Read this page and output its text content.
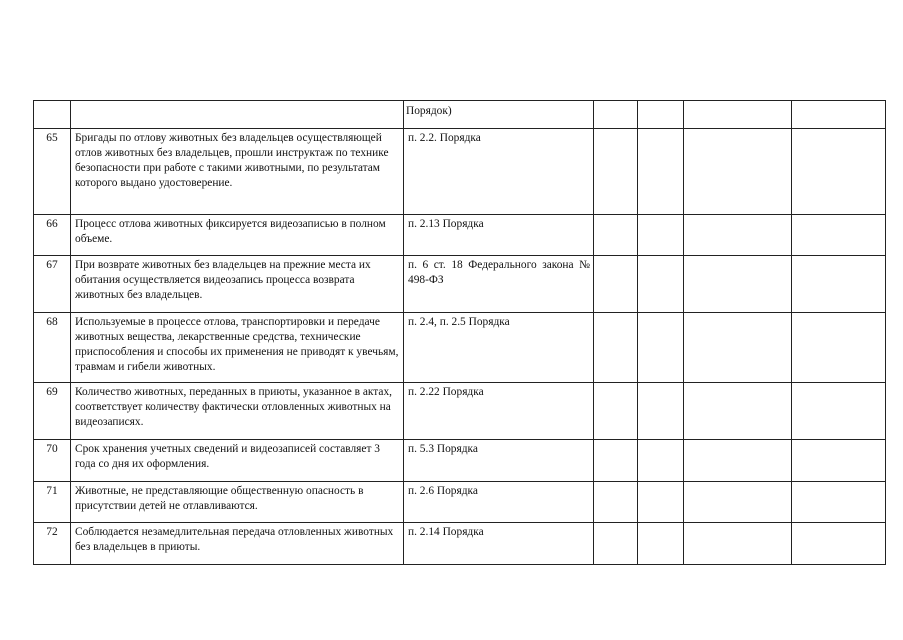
		Порядок)				

65	Бригады по отлову животных без владельцев осуществляющей отлов животных без владельцев, прошли инструктаж по технике безопасности при работе с такими животными, по результатам которого выдано удостоверение.	п. 2.2. Порядка				

66	Процесс отлова животных фиксируется видеозаписью в полном объеме.	п. 2.13 Порядка				

67	При возврате животных без владельцев на прежние места их обитания осуществляется видеозапись процесса возврата животных без владельцев.	п. 6 ст. 18 Федерального закона № 498-ФЗ				

68	Используемые в процессе отлова, транспортировки и передаче животных вещества, лекарственные средства, технические приспособления и способы их применения не приводят к увечьям, травмам и гибели животных.	п. 2.4, п. 2.5 Порядка				

69	Количество животных, переданных в приюты, указанное в актах, соответствует количеству фактически отловленных животных на видеозаписях.	п. 2.22 Порядка				

70	Срок хранения учетных сведений и видеозаписей составляет 3 года со дня их оформления.	п. 5.3 Порядка				

71	Животные, не представляющие общественную опасность в присутствии детей не отлавливаются.	п. 2.6 Порядка				

72	Соблюдается незамедлительная передача отловленных животных без владельцев в приюты.	п. 2.14 Порядка				
